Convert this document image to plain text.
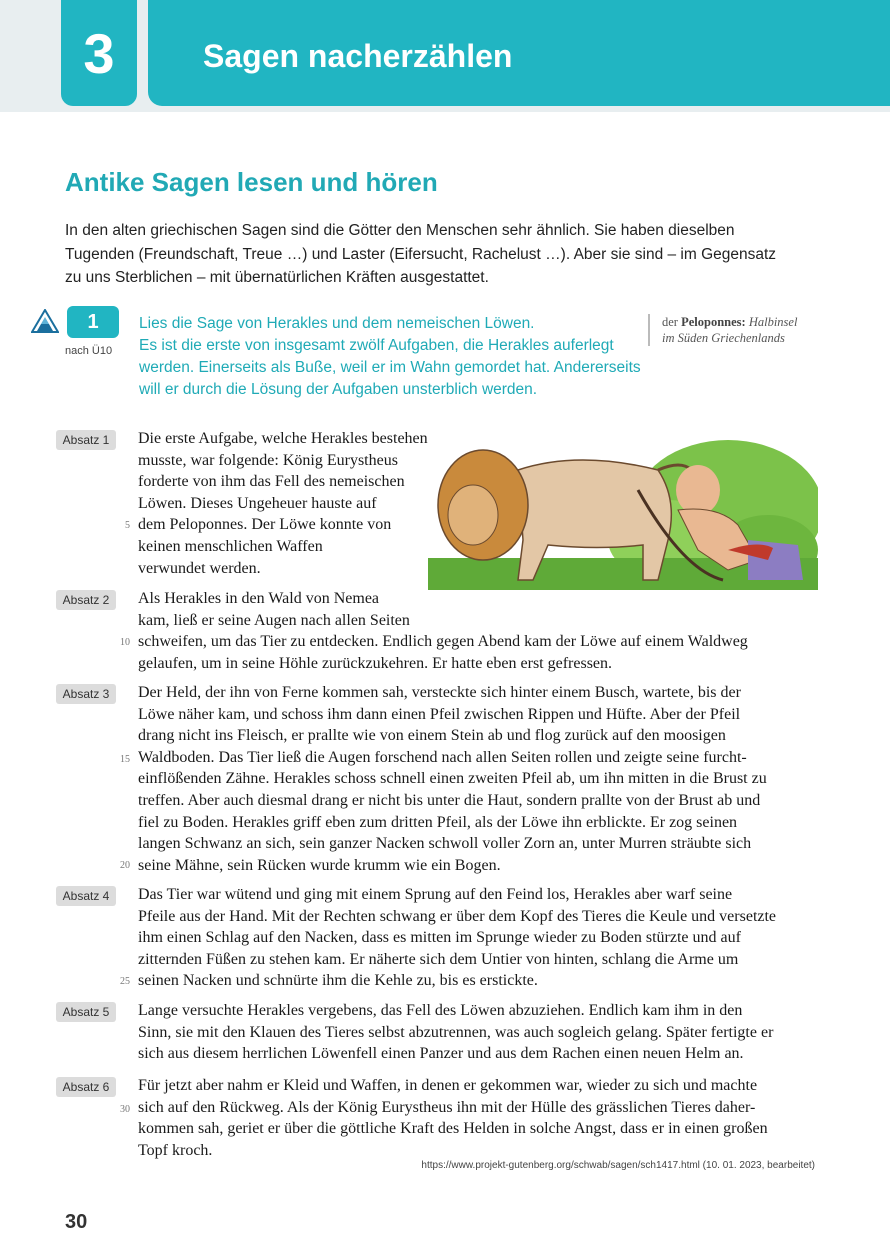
3	Sagen nacherzählen
Antike Sagen lesen und hören
In den alten griechischen Sagen sind die Götter den Menschen sehr ähnlich. Sie haben dieselben
Tugenden (Freundschaft, Treue …) und Laster (Eifersucht, Rachelust …). Aber sie sind – im Gegensatz
zu uns Sterblichen – mit übernatürlichen Kräften ausgestattet.
1
nach Ü10
Lies die Sage von Herakles und dem nemeischen Löwen.
Es ist die erste von insgesamt zwölf Aufgaben, die Herakles auferlegt
werden. Einerseits als Buße, weil er im Wahn gemordet hat. Andererseits
will er durch die Lösung der Aufgaben unsterblich werden.
der Peloponnes: Halbinsel
im Süden Griechenlands
Absatz 1
Absatz 2
Absatz 3
Absatz 4
Absatz 5
Absatz 6
Die erste Aufgabe, welche Herakles bestehen
musste, war folgende: König Eurystheus
forderte von ihm das Fell des nemeischen
Löwen. Dieses Ungeheuer hauste auf
dem Peloponnes. Der Löwe konnte von
keinen menschlichen Waffen
verwundet werden.
Als Herakles in den Wald von Nemea
kam, ließ er seine Augen nach allen Seiten
schweifen, um das Tier zu entdecken. Endlich gegen Abend kam der Löwe auf einem Waldweg
gelaufen, um in seine Höhle zurückzukehren. Er hatte eben erst gefressen.
Der Held, der ihn von Ferne kommen sah, versteckte sich hinter einem Busch, wartete, bis der
Löwe näher kam, und schoss ihm dann einen Pfeil zwischen Rippen und Hüfte. Aber der Pfeil
drang nicht ins Fleisch, er prallte wie von einem Stein ab und flog zurück auf den moosigen
Waldboden. Das Tier ließ die Augen forschend nach allen Seiten rollen und zeigte seine furcht-
einflößenden Zähne. Herakles schoss schnell einen zweiten Pfeil ab, um ihn mitten in die Brust zu
treffen. Aber auch diesmal drang er nicht bis unter die Haut, sondern prallte von der Brust ab und
fiel zu Boden. Herakles griff eben zum dritten Pfeil, als der Löwe ihn erblickte. Er zog seinen
langen Schwanz an sich, sein ganzer Nacken schwoll voller Zorn an, unter Murren sträubte sich
seine Mähne, sein Rücken wurde krumm wie ein Bogen.
Das Tier war wütend und ging mit einem Sprung auf den Feind los, Herakles aber warf seine
Pfeile aus der Hand. Mit der Rechten schwang er über dem Kopf des Tieres die Keule und versetzte
ihm einen Schlag auf den Nacken, dass es mitten im Sprunge wieder zu Boden stürzte und auf
zitternden Füßen zu stehen kam. Er näherte sich dem Untier von hinten, schlang die Arme um
seinen Nacken und schnürte ihm die Kehle zu, bis es erstickte.
Lange versuchte Herakles vergebens, das Fell des Löwen abzuziehen. Endlich kam ihm in den
Sinn, sie mit den Klauen des Tieres selbst abzutrennen, was auch sogleich gelang. Später fertigte er
sich aus diesem herrlichen Löwenfell einen Panzer und aus dem Rachen einen neuen Helm an.
Für jetzt aber nahm er Kleid und Waffen, in denen er gekommen war, wieder zu sich und machte
sich auf den Rückweg. Als der König Eurystheus ihn mit der Hülle des grässlichen Tieres daher-
kommen sah, geriet er über die göttliche Kraft des Helden in solche Angst, dass er in einen großen
Topf kroch.
5
10
15
20
25
30
https://www.projekt-gutenberg.org/schwab/sagen/sch1417.html (10. 01. 2023, bearbeitet)
30
